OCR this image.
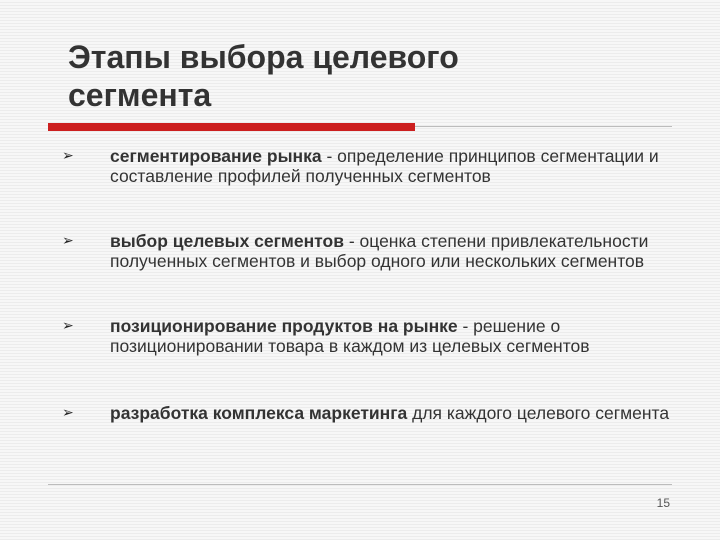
Этапы выбора целевого
сегмента
➢ сегментирование рынка - определение принципов сегментации и составление профилей полученных сегментов
➢ выбор целевых сегментов - оценка степени привлекательности полученных сегментов и выбор одного или нескольких сегментов
➢ позиционирование продуктов на рынке - решение о позиционировании товара в каждом из целевых сегментов
➢ разработка комплекса маркетинга для каждого целевого сегмента
15
